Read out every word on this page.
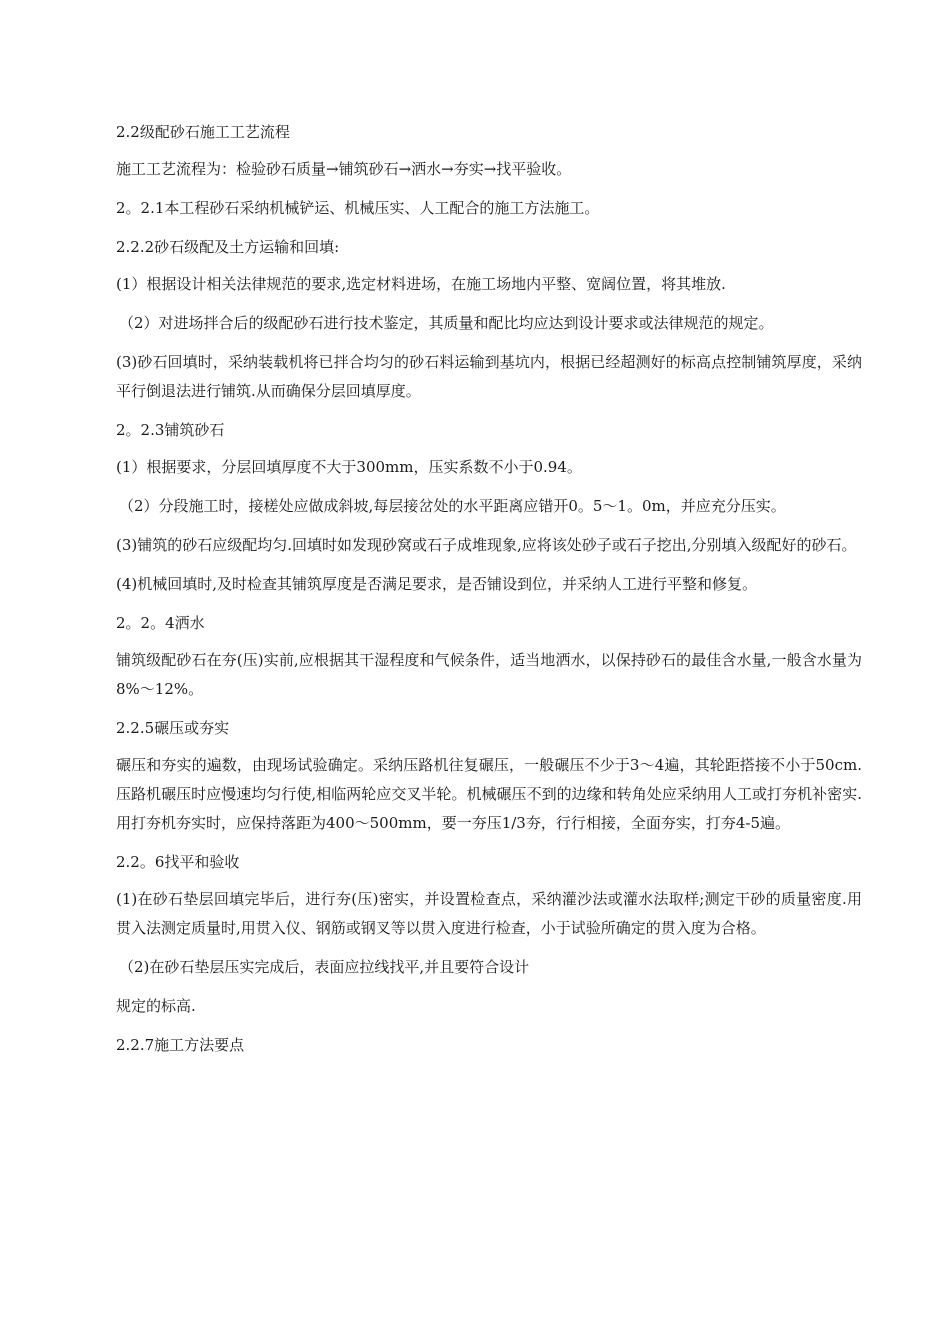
2.2级配砂石施工工艺流程

施工工艺流程为：检验砂石质量→铺筑砂石→洒水→夯实→找平验收。

2。2.1本工程砂石采纳机械铲运、机械压实、人工配合的施工方法施工。

2.2.2砂石级配及土方运输和回填:

(1）根据设计相关法律规范的要求,选定材料进场，在施工场地内平整、宽阔位置，将其堆放.

（2）对进场拌合后的级配砂石进行技术鉴定，其质量和配比均应达到设计要求或法律规范的规定。

(3)砂石回填时，采纳装载机将已拌合均匀的砂石料运输到基坑内，根据已经超测好的标高点控制铺筑厚度，采纳平行倒退法进行铺筑.从而确保分层回填厚度。

2。2.3铺筑砂石

(1）根据要求，分层回填厚度不大于300mm，压实系数不小于0.94。

（2）分段施工时，接槎处应做成斜坡,每层接岔处的水平距离应错开0。5～1。0m，并应充分压实。

(3)铺筑的砂石应级配均匀.回填时如发现砂窝或石子成堆现象,应将该处砂子或石子挖出,分别填入级配好的砂石。

(4)机械回填时,及时检查其铺筑厚度是否满足要求，是否铺设到位，并采纳人工进行平整和修复。

2。2。4洒水

铺筑级配砂石在夯(压)实前,应根据其干湿程度和气候条件，适当地洒水，以保持砂石的最佳含水量,一般含水量为8%～12%。

2.2.5碾压或夯实

碾压和夯实的遍数，由现场试验确定。采纳压路机往复碾压，一般碾压不少于3～4遍，其轮距搭接不小于50cm.压路机碾压时应慢速均匀行使,相临两轮应交叉半轮。机械碾压不到的边缘和转角处应采纳用人工或打夯机补密实.用打夯机夯实时，应保持落距为400～500mm，要一夯压1/3夯，行行相接，全面夯实，打夯4-5遍。

2.2。6找平和验收

(1)在砂石垫层回填完毕后，进行夯(压)密实，并设置检查点，采纳灌沙法或灌水法取样;测定干砂的质量密度.用贯入法测定质量时,用贯入仪、钢筋或钢叉等以贯入度进行检查，小于试验所确定的贯入度为合格。

（2)在砂石垫层压实完成后，表面应拉线找平,并且要符合设计

规定的标高.

2.2.7施工方法要点
